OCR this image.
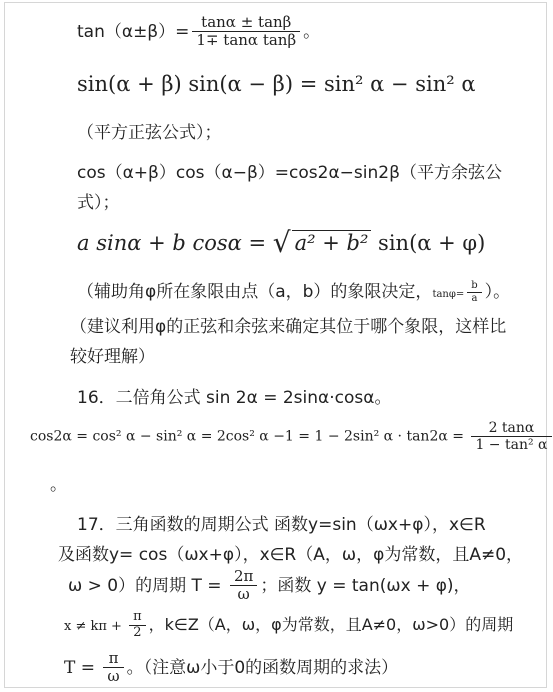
$\tan(\alpha\pm\beta)= \frac{\tan\alpha \pm \tan\beta}{\text{1∓ tanα tanβ}}$ 。
sin(α + β) sin(α − β) = sin² α − sin² α
（平方正弦公式）；
cos（α+β）cos（α−β）=cos2α−sin2β（平方余弦公
式）；
a sinα + b cosα = √ a² + b² sin(α + φ)
（辅助角φ所在象限由点（a，b）的象限决定，$\tan\varphi= \frac{b}{a}$ ）。
（建议利用φ的正弦和余弦来确定其位于哪个象限，这样比
较好理解）
16．二倍角公式 sin 2α = 2sinα·cosα。
cos2α = cos² α − sin² α = 2cos² α −1 = 1 − 2sin² $\alpha \cdot \tan 2\alpha = \frac{2 \tan\alpha}{\text{1 − tan² α}}$
。
17．三角函数的周期公式 函数y=sin（ωx+φ），x∈R
及函数y= cos（ωx+φ），x∈R（A，ω，φ为常数，且A≠0，
ω > 0）的周期 $T = \frac{2\pi}{\omega}$ ；函数 y = tan(ωx + φ)，
$x \ne k\pi + \frac{\pi}{2}$ ，k∈Z（A，ω，φ为常数，且A≠0，ω>0）的周期
$T = \frac{\pi}{\omega}$ 。（注意ω小于0的函数周期的求法）
